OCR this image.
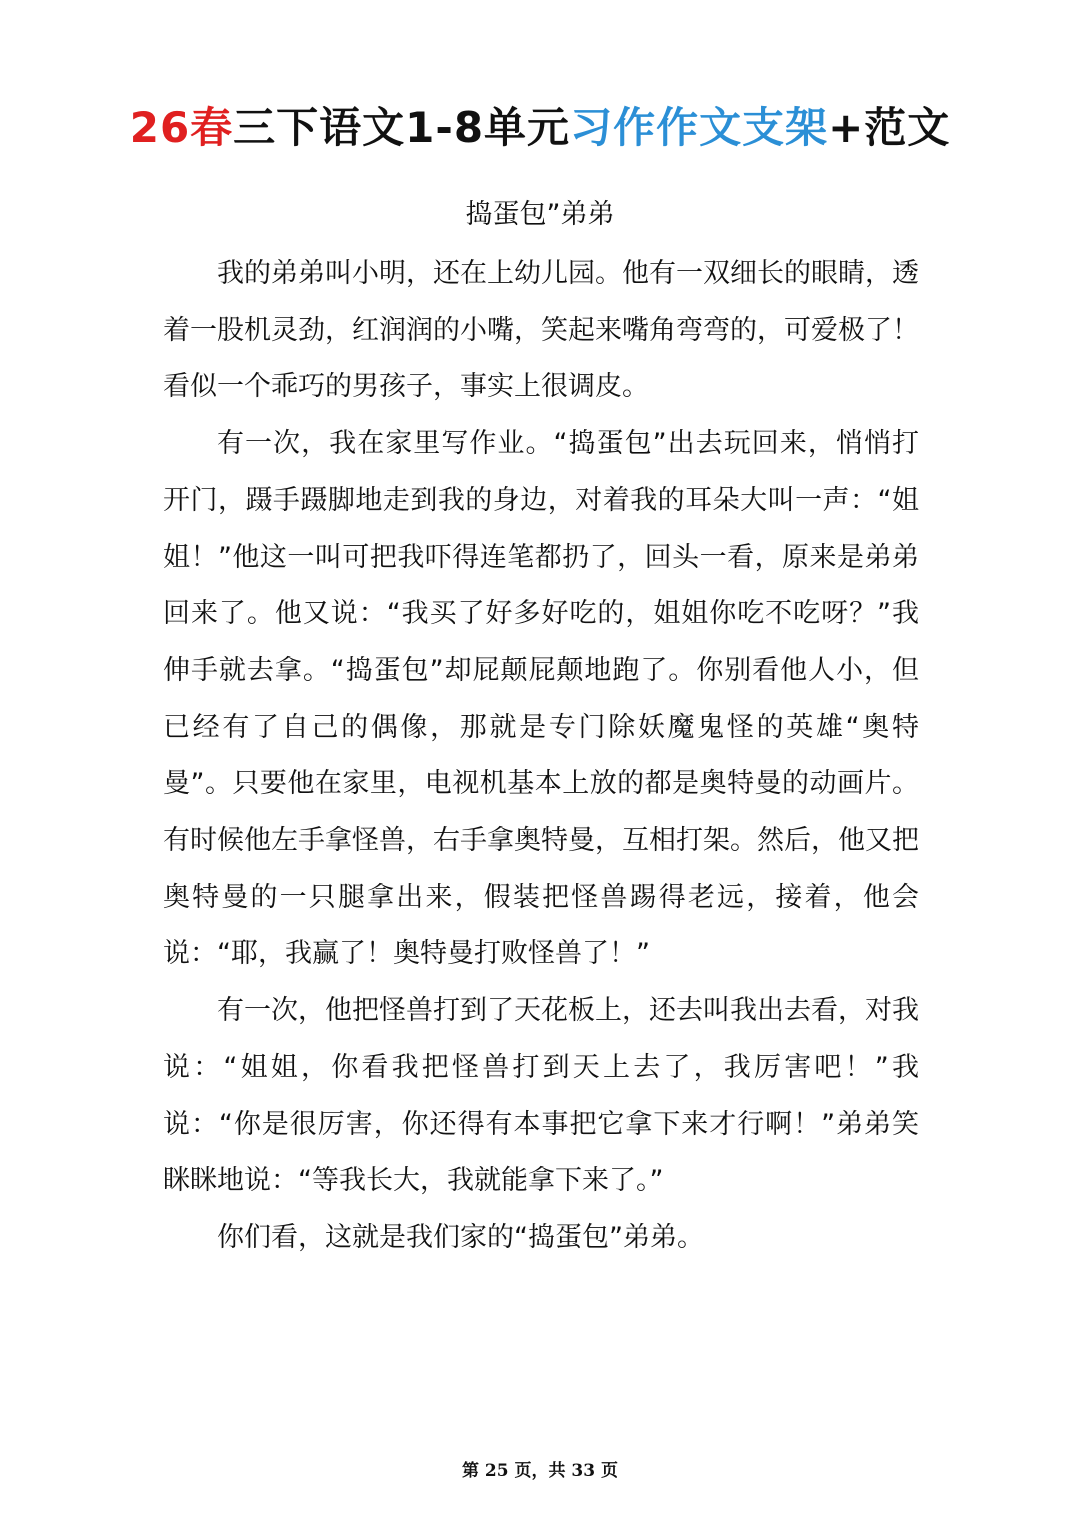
26春三下语文1-8单元习作作文支架+范文
捣蛋包”弟弟

我的弟弟叫小明，还在上幼儿园。他有一双细长的眼睛，透着一股机灵劲，红润润的小嘴，笑起来嘴角弯弯的，可爱极了！看似一个乖巧的男孩子，事实上很调皮。

有一次，我在家里写作业。“捣蛋包”出去玩回来，悄悄打开门，蹑手蹑脚地走到我的身边，对着我的耳朵大叫一声：“姐姐！”他这一叫可把我吓得连笔都扔了，回头一看，原来是弟弟回来了。他又说：“我买了好多好吃的，姐姐你吃不吃呀？”我伸手就去拿。“捣蛋包”却屁颠屁颠地跑了。你别看他人小，但已经有了自己的偶像，那就是专门除妖魔鬼怪的英雄“奥特曼”。只要他在家里，电视机基本上放的都是奥特曼的动画片。有时候他左手拿怪兽，右手拿奥特曼，互相打架。然后，他又把奥特曼的一只腿拿出来，假装把怪兽踢得老远，接着，他会说：“耶，我赢了！奥特曼打败怪兽了！”

有一次，他把怪兽打到了天花板上，还去叫我出去看，对我说：“姐姐，你看我把怪兽打到天上去了，我厉害吧！”我说：“你是很厉害，你还得有本事把它拿下来才行啊！”弟弟笑眯眯地说：“等我长大，我就能拿下来了。”

你们看，这就是我们家的“捣蛋包”弟弟。

第 25 页，共 33 页
